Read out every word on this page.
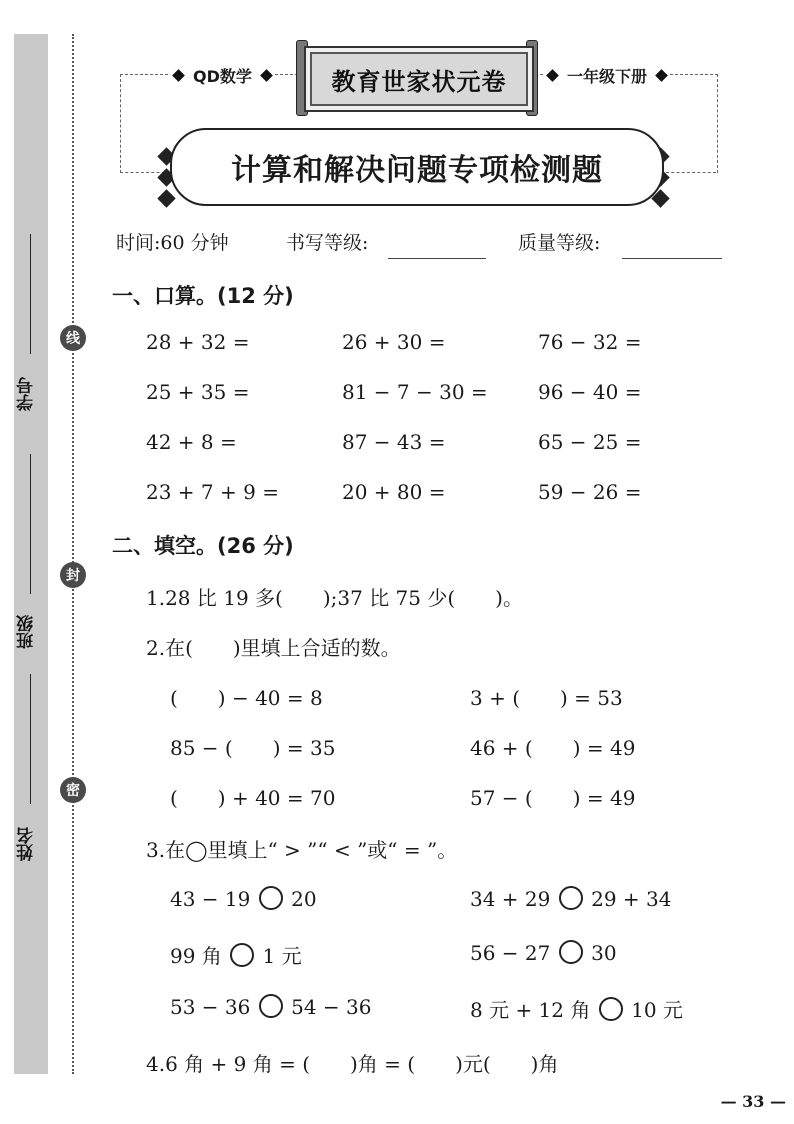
学号
班级
姓名
线
封
密
QD数学	一年级下册
教育世家状元卷
计算和解决问题专项检测题
时间:60 分钟	书写等级:	质量等级:
一、口算。(12 分)
28 + 32 =	26 + 30 =	76 − 32 =
25 + 35 =	81 − 7 − 30 =	96 − 40 =
42 + 8 =	87 − 43 =	65 − 25 =
23 + 7 + 9 =	20 + 80 =	59 − 26 =
二、填空。(26 分)
1.28 比 19 多(　　);37 比 75 少(　　)。
2.在(　　)里填上合适的数。
(　　) − 40 = 8	3 + (　　) = 53
85 − (　　) = 35	46 + (　　) = 49
(　　) + 40 = 70	57 − (　　) = 49
3.在◯里填上“ > ”“ < ”或“ = ”。
43 − 19 20	34 + 29 29 + 34
99 角 1 元	56 − 27 30
53 − 36 54 − 36	8 元 + 12 角 10 元
4.6 角 + 9 角 = (　　)角 = (　　)元(　　)角
— 33 —
